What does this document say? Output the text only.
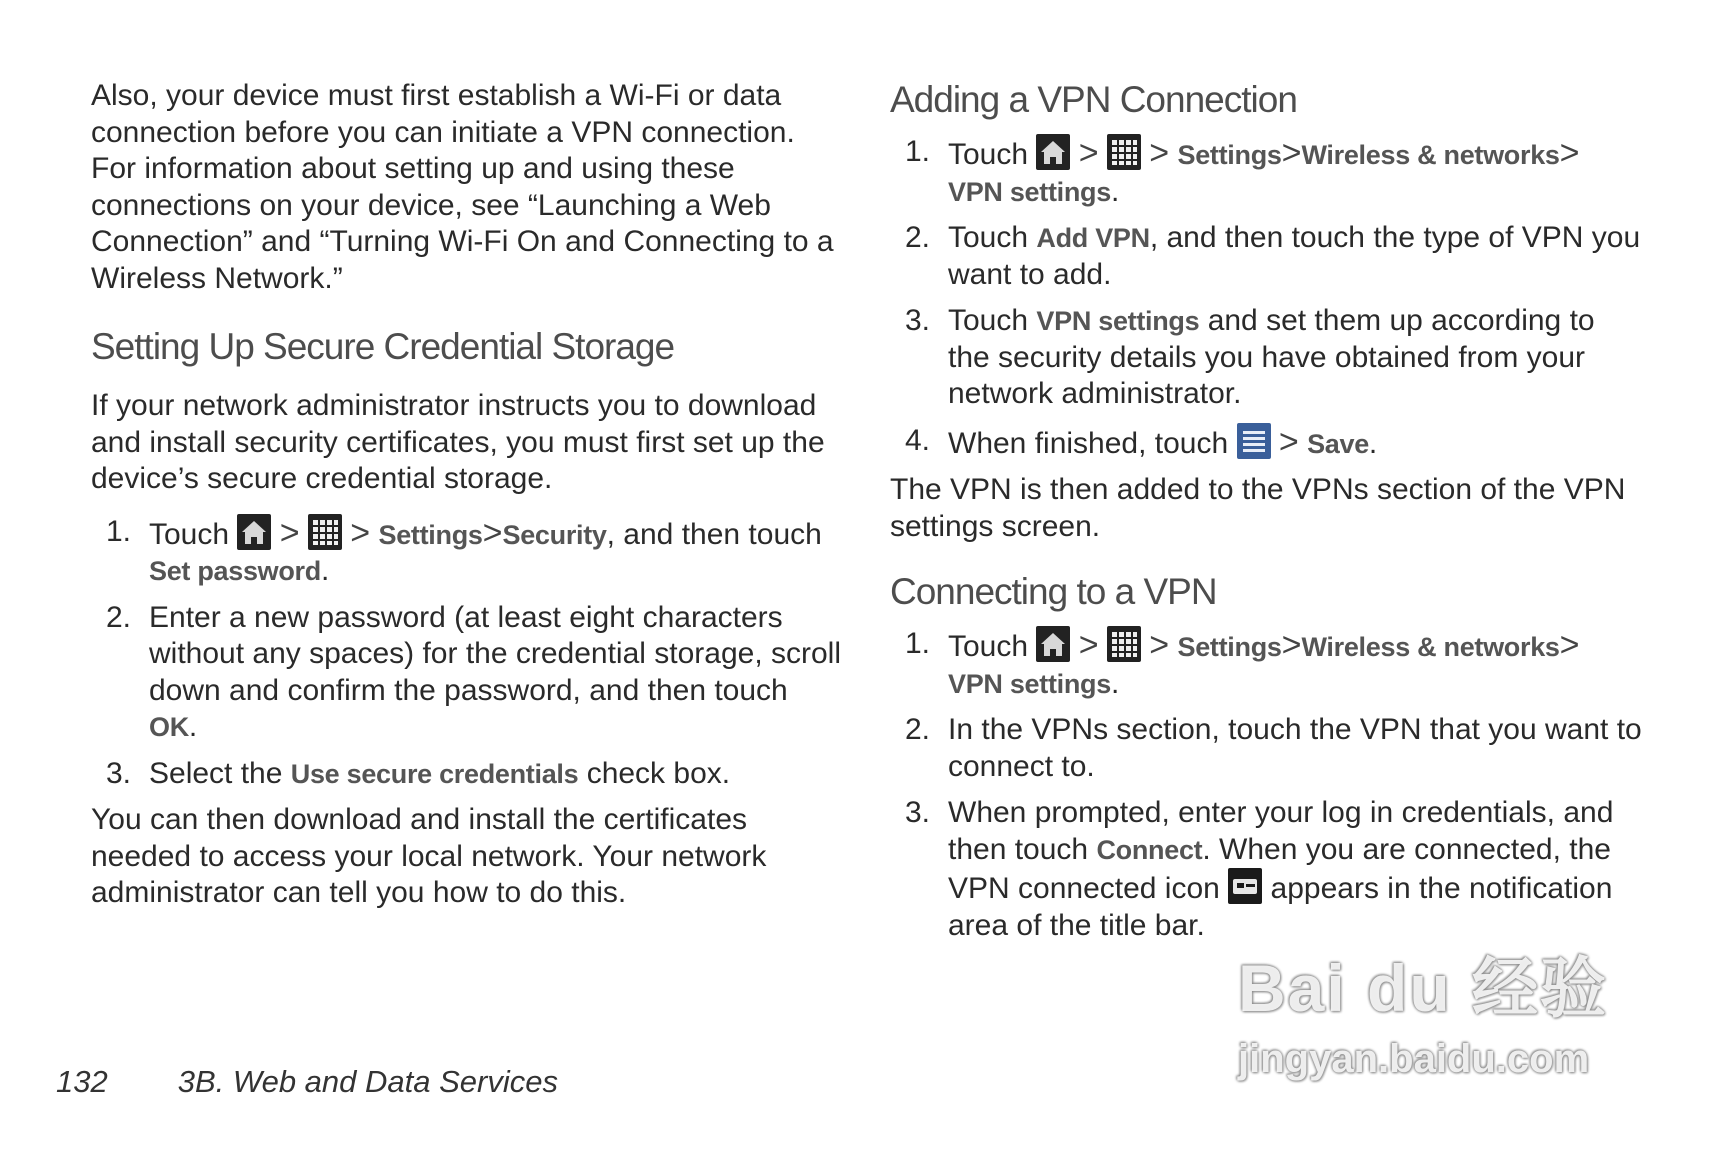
Also, your device must first establish a Wi-Fi or data connection before you can initiate a VPN connection. For information about setting up and using these connections on your device, see “Launching a Web Connection” and “Turning Wi-Fi On and Connecting to a Wireless Network.”

Setting Up Secure Credential Storage

If your network administrator instructs you to download and install security certificates, you must first set up the device’s secure credential storage.

1. Touch > > Settings>Security, and then touch Set password.
2. Enter a new password (at least eight characters without any spaces) for the credential storage, scroll down and confirm the password, and then touch OK.
3. Select the Use secure credentials check box.

You can then download and install the certificates needed to access your local network. Your network administrator can tell you how to do this.

Adding a VPN Connection
1. Touch > > Settings>Wireless & networks> VPN settings.
2. Touch Add VPN, and then touch the type of VPN you want to add.
3. Touch VPN settings and set them up according to the security details you have obtained from your network administrator.
4. When finished, touch > Save.

The VPN is then added to the VPNs section of the VPN settings screen.

Connecting to a VPN
1. Touch > > Settings>Wireless & networks> VPN settings.
2. In the VPNs section, touch the VPN that you want to connect to.
3. When prompted, enter your log in credentials, and then touch Connect. When you are connected, the VPN connected icon appears in the notification area of the title bar.
132 3B. Web and Data Services
Bai du 经验
jingyan.baidu.com
